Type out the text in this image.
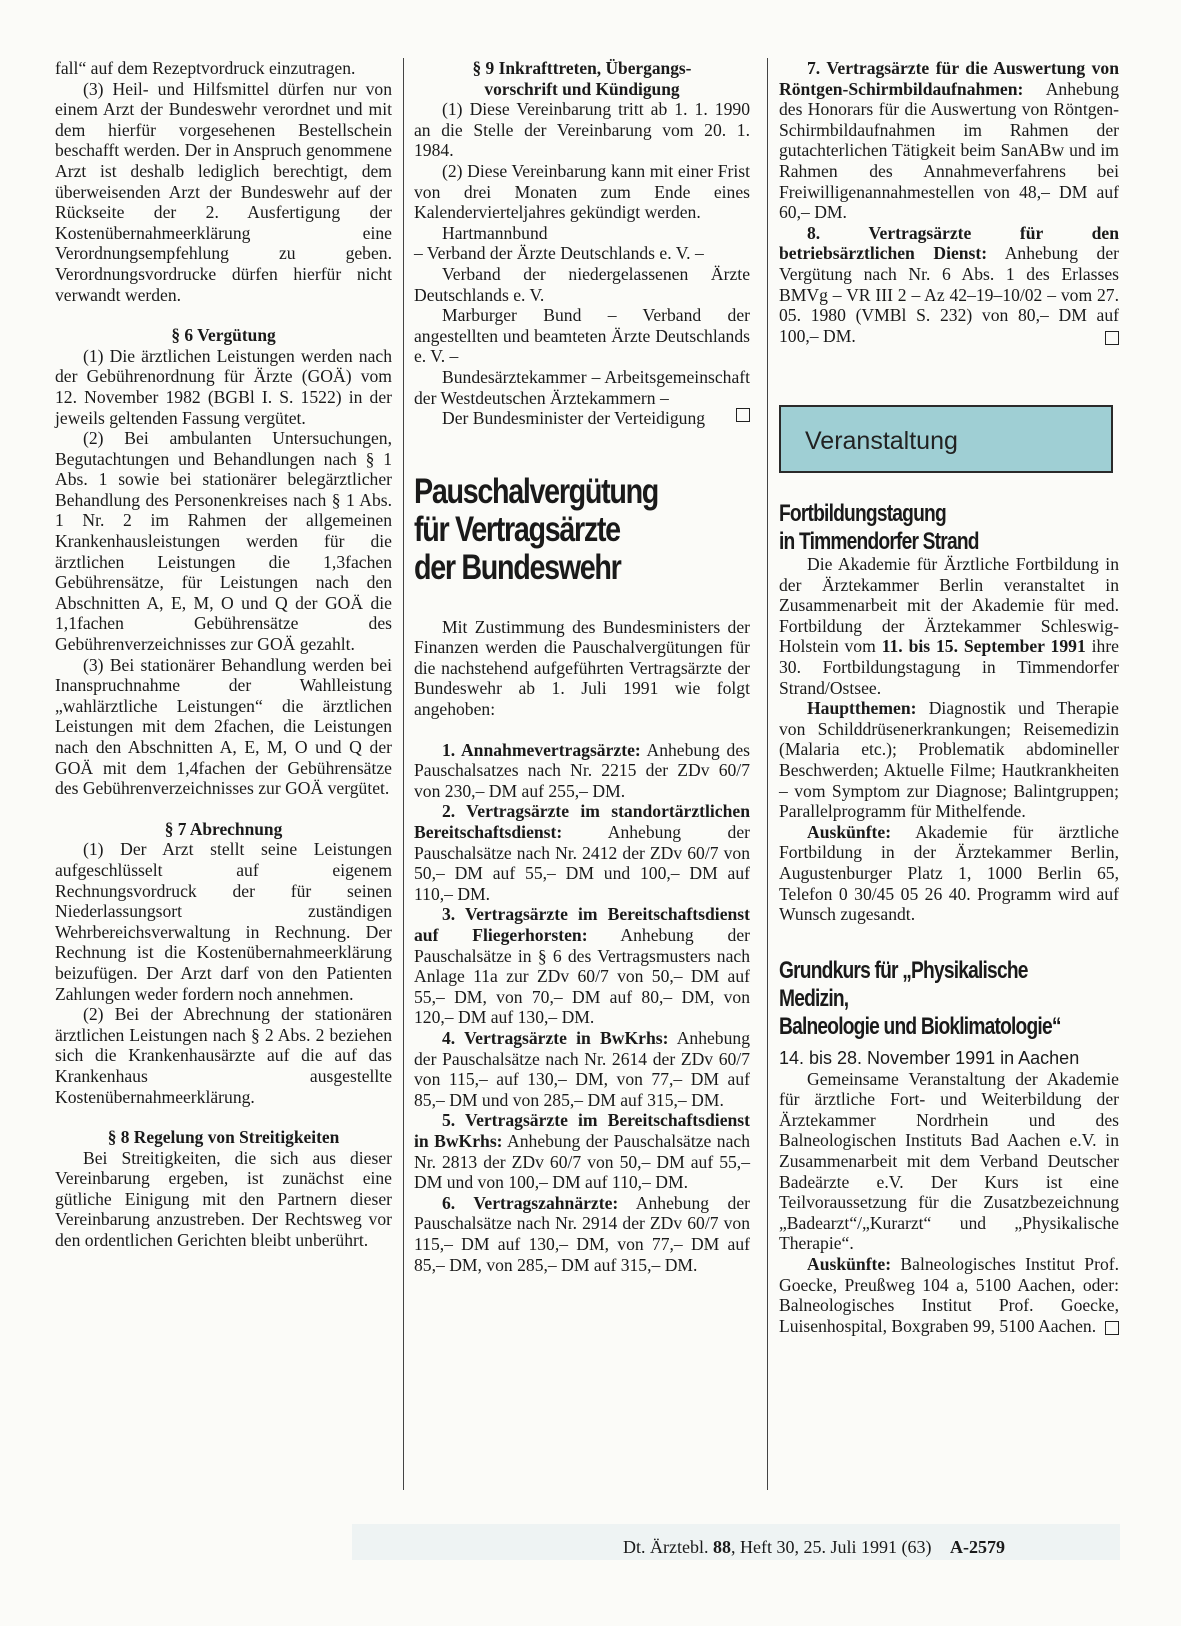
fall“ auf dem Rezeptvordruck einzutragen.

(3) Heil- und Hilfsmittel dürfen nur von einem Arzt der Bundeswehr verordnet und mit dem hierfür vorgesehenen Bestellschein beschafft werden. Der in Anspruch genommene Arzt ist deshalb lediglich berechtigt, dem überweisenden Arzt der Bundeswehr auf der Rückseite der 2. Ausfertigung der Kostenübernahmeerklärung eine Verordnungsempfehlung zu geben. Verordnungsvordrucke dürfen hierfür nicht verwandt werden.

§ 6 Vergütung

(1) Die ärztlichen Leistungen werden nach der Gebührenordnung für Ärzte (GOÄ) vom 12. November 1982 (BGBl I. S. 1522) in der jeweils geltenden Fassung vergütet.

(2) Bei ambulanten Untersuchungen, Begutachtungen und Behandlungen nach § 1 Abs. 1 sowie bei stationärer belegärztlicher Behandlung des Personenkreises nach § 1 Abs. 1 Nr. 2 im Rahmen der allgemeinen Krankenhausleistungen werden für die ärztlichen Leistungen die 1,3fachen Gebührensätze, für Leistungen nach den Abschnitten A, E, M, O und Q der GOÄ die 1,1fachen Gebührensätze des Gebührenverzeichnisses zur GOÄ gezahlt.

(3) Bei stationärer Behandlung werden bei Inanspruchnahme der Wahlleistung „wahlärztliche Leistungen“ die ärztlichen Leistungen mit dem 2fachen, die Leistungen nach den Abschnitten A, E, M, O und Q der GOÄ mit dem 1,4fachen der Gebührensätze des Gebührenverzeichnisses zur GOÄ vergütet.

§ 7 Abrechnung

(1) Der Arzt stellt seine Leistungen aufgeschlüsselt auf eigenem Rechnungsvordruck der für seinen Niederlassungsort zuständigen Wehrbereichsverwaltung in Rechnung. Der Rechnung ist die Kostenübernahmeerklärung beizufügen. Der Arzt darf von den Patienten Zahlungen weder fordern noch annehmen.

(2) Bei der Abrechnung der stationären ärztlichen Leistungen nach § 2 Abs. 2 beziehen sich die Krankenhausärzte auf die auf das Krankenhaus ausgestellte Kostenübernahmeerklärung.

§ 8 Regelung von Streitigkeiten

Bei Streitigkeiten, die sich aus dieser Vereinbarung ergeben, ist zunächst eine gütliche Einigung mit den Partnern dieser Vereinbarung anzustreben. Der Rechtsweg vor den ordentlichen Gerichten bleibt unberührt.

§ 9 Inkrafttreten, Übergangs-
vorschrift und Kündigung

(1) Diese Vereinbarung tritt ab 1. 1. 1990 an die Stelle der Vereinbarung vom 20. 1. 1984.

(2) Diese Vereinbarung kann mit einer Frist von drei Monaten zum Ende eines Kalendervierteljahres gekündigt werden.

Hartmannbund

– Verband der Ärzte Deutschlands e. V. –

Verband der niedergelassenen Ärzte Deutschlands e. V.

Marburger Bund – Verband der angestellten und beamteten Ärzte Deutschlands e. V. –

Bundesärztekammer – Arbeitsgemeinschaft der Westdeutschen Ärztekammern –

Der Bundesminister der Verteidigung

Pauschalvergütung
für Vertragsärzte
der Bundeswehr

Mit Zustimmung des Bundesministers der Finanzen werden die Pauschalvergütungen für die nachstehend aufgeführten Vertragsärzte der Bundeswehr ab 1. Juli 1991 wie folgt angehoben:

1. Annahmevertragsärzte: Anhebung des Pauschalsatzes nach Nr. 2215 der ZDv 60/7 von 230,– DM auf 255,– DM.

2. Vertragsärzte im standortärztlichen Bereitschaftsdienst: Anhebung der Pauschalsätze nach Nr. 2412 der ZDv 60/7 von 50,– DM auf 55,– DM und 100,– DM auf 110,– DM.

3. Vertragsärzte im Bereitschaftsdienst auf Fliegerhorsten: Anhebung der Pauschalsätze in § 6 des Vertragsmusters nach Anlage 11a zur ZDv 60/7 von 50,– DM auf 55,– DM, von 70,– DM auf 80,– DM, von 120,– DM auf 130,– DM.

4. Vertragsärzte in BwKrhs: Anhebung der Pauschalsätze nach Nr. 2614 der ZDv 60/7 von 115,– auf 130,– DM, von 77,– DM auf 85,– DM und von 285,– DM auf 315,– DM.

5. Vertragsärzte im Bereitschaftsdienst in BwKrhs: Anhebung der Pauschalsätze nach Nr. 2813 der ZDv 60/7 von 50,– DM auf 55,– DM und von 100,– DM auf 110,– DM.

6. Vertragszahnärzte: Anhebung der Pauschalsätze nach Nr. 2914 der ZDv 60/7 von 115,– DM auf 130,– DM, von 77,– DM auf 85,– DM, von 285,– DM auf 315,– DM.

7. Vertragsärzte für die Auswertung von Röntgen-Schirmbildaufnahmen: Anhebung des Honorars für die Auswertung von Röntgen-Schirmbildaufnahmen im Rahmen der gutachterlichen Tätigkeit beim SanABw und im Rahmen des Annahmeverfahrens bei Freiwilligenannahmestellen von 48,– DM auf 60,– DM.

8. Vertragsärzte für den betriebsärztlichen Dienst: Anhebung der Vergütung nach Nr. 6 Abs. 1 des Erlasses BMVg – VR III 2 – Az 42–19–10/02 – vom 27. 05. 1980 (VMBl S. 232) von 80,– DM auf 100,– DM.

Veranstaltung
Fortbildungstagung
in Timmendorfer Strand

Die Akademie für Ärztliche Fortbildung in der Ärztekammer Berlin veranstaltet in Zusammenarbeit mit der Akademie für med. Fortbildung der Ärztekammer Schleswig-Holstein vom 11. bis 15. September 1991 ihre 30. Fortbildungstagung in Timmendorfer Strand/Ostsee.

Hauptthemen: Diagnostik und Therapie von Schilddrüsenerkrankungen; Reisemedizin (Malaria etc.); Problematik abdomineller Beschwerden; Aktuelle Filme; Hautkrankheiten – vom Symptom zur Diagnose; Balintgruppen; Parallelprogramm für Mithelfende.

Auskünfte: Akademie für ärztliche Fortbildung in der Ärztekammer Berlin, Augustenburger Platz 1, 1000 Berlin 65, Telefon 0 30/45 05 26 40. Programm wird auf Wunsch zugesandt.

Grundkurs für „Physikalische
Medizin,
Balneologie und Bioklimatologie“

14. bis 28. November 1991 in Aachen

Gemeinsame Veranstaltung der Akademie für ärztliche Fort- und Weiterbildung der Ärztekammer Nordrhein und des Balneologischen Instituts Bad Aachen e.V. in Zusammenarbeit mit dem Verband Deutscher Badeärzte e.V. Der Kurs ist eine Teilvoraussetzung für die Zusatzbezeichnung „Badearzt“/„Kurarzt“ und „Physikalische Therapie“.

Auskünfte: Balneologisches Institut Prof. Goecke, Preußweg 104 a, 5100 Aachen, oder: Balneologisches Institut Prof. Goecke, Luisenhospital, Boxgraben 99, 5100 Aachen.

Dt. Ärztebl. 88, Heft 30, 25. Juli 1991 (63) A-2579
